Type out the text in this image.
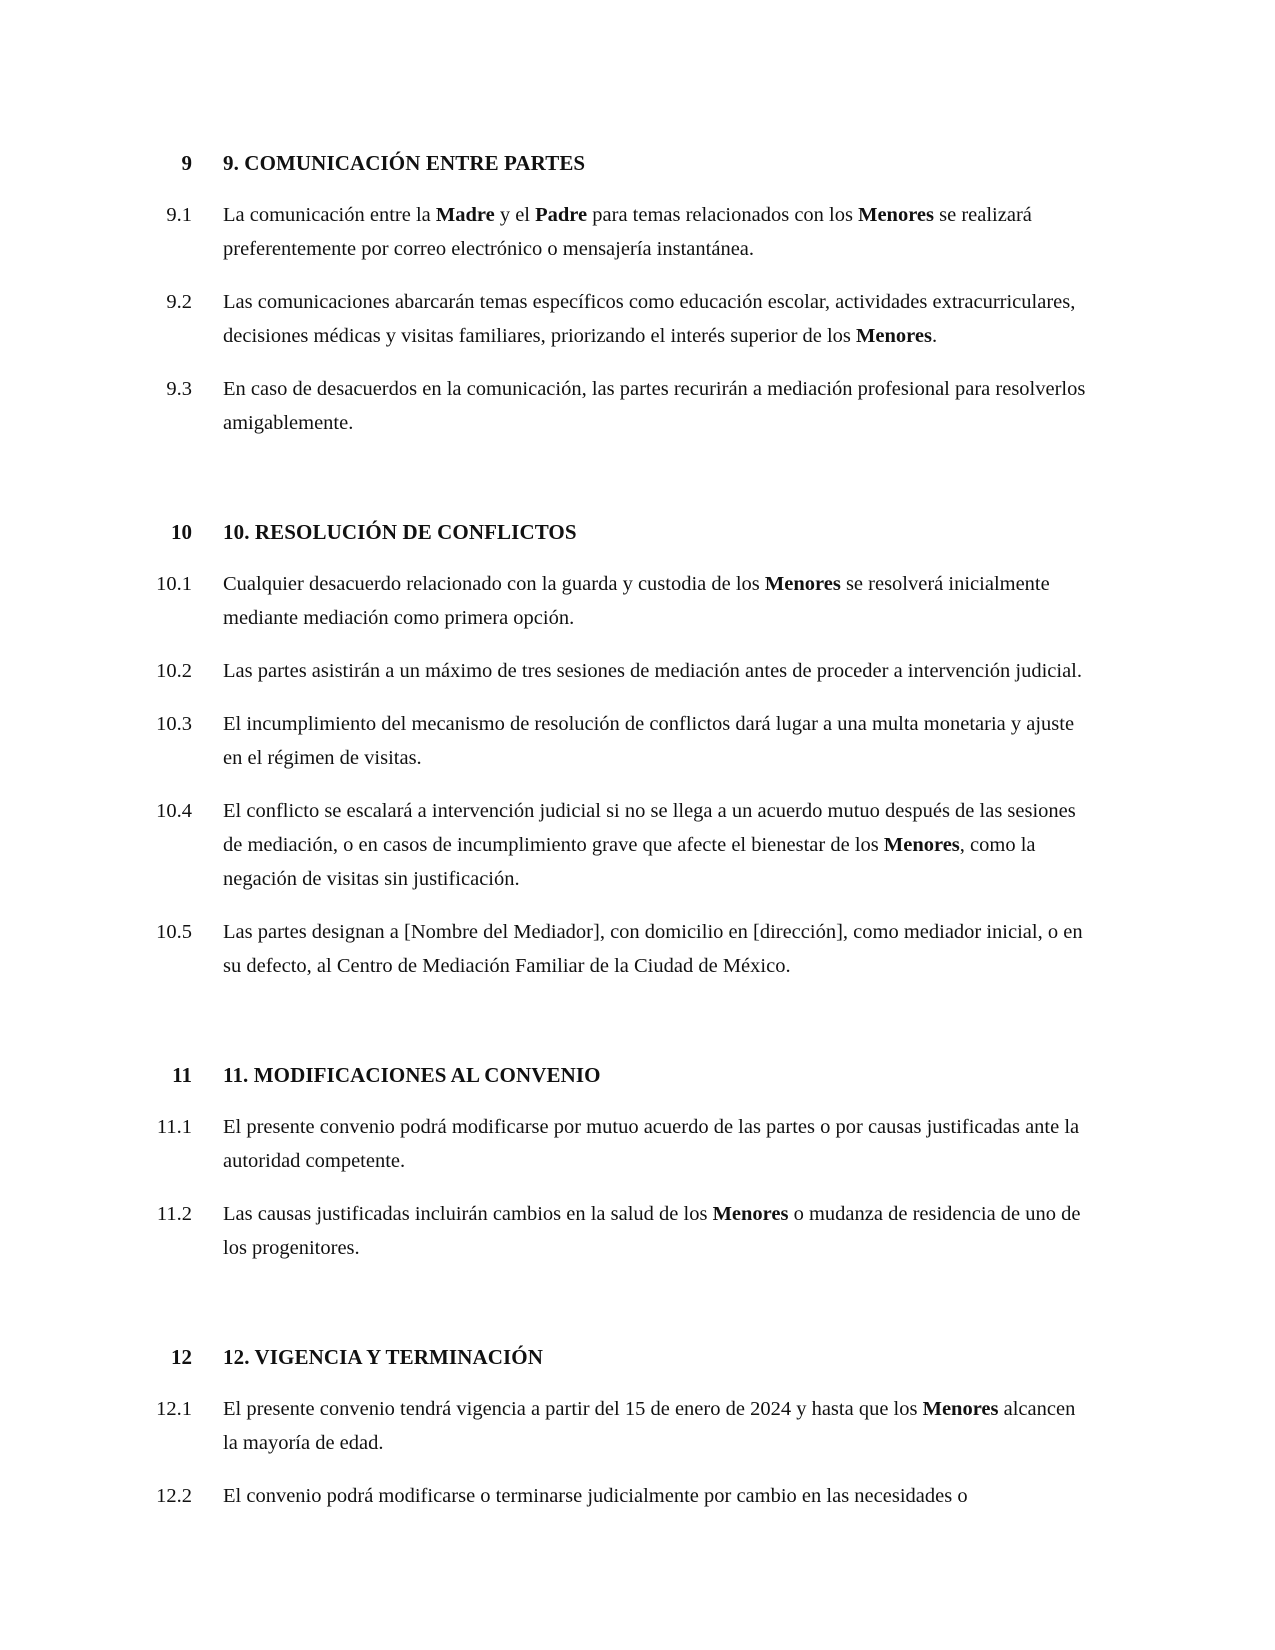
9	9. COMUNICACIÓN ENTRE PARTES
9.1	La comunicación entre la Madre y el Padre para temas relacionados con los Menores se realizará preferentemente por correo electrónico o mensajería instantánea.
9.2	Las comunicaciones abarcarán temas específicos como educación escolar, actividades extracurriculares, decisiones médicas y visitas familiares, priorizando el interés superior de los Menores.
9.3	En caso de desacuerdos en la comunicación, las partes recurirán a mediación profesional para resolverlos amigablemente.
10	10. RESOLUCIÓN DE CONFLICTOS
10.1	Cualquier desacuerdo relacionado con la guarda y custodia de los Menores se resolverá inicialmente mediante mediación como primera opción.
10.2	Las partes asistirán a un máximo de tres sesiones de mediación antes de proceder a intervención judicial.
10.3	El incumplimiento del mecanismo de resolución de conflictos dará lugar a una multa monetaria y ajuste en el régimen de visitas.
10.4	El conflicto se escalará a intervención judicial si no se llega a un acuerdo mutuo después de las sesiones de mediación, o en casos de incumplimiento grave que afecte el bienestar de los Menores, como la negación de visitas sin justificación.
10.5	Las partes designan a [Nombre del Mediador], con domicilio en [dirección], como mediador inicial, o en su defecto, al Centro de Mediación Familiar de la Ciudad de México.
11	11. MODIFICACIONES AL CONVENIO
11.1	El presente convenio podrá modificarse por mutuo acuerdo de las partes o por causas justificadas ante la autoridad competente.
11.2	Las causas justificadas incluirán cambios en la salud de los Menores o mudanza de residencia de uno de los progenitores.
12	12. VIGENCIA Y TERMINACIÓN
12.1	El presente convenio tendrá vigencia a partir del 15 de enero de 2024 y hasta que los Menores alcancen la mayoría de edad.
12.2	El convenio podrá modificarse o terminarse judicialmente por cambio en las necesidades o
